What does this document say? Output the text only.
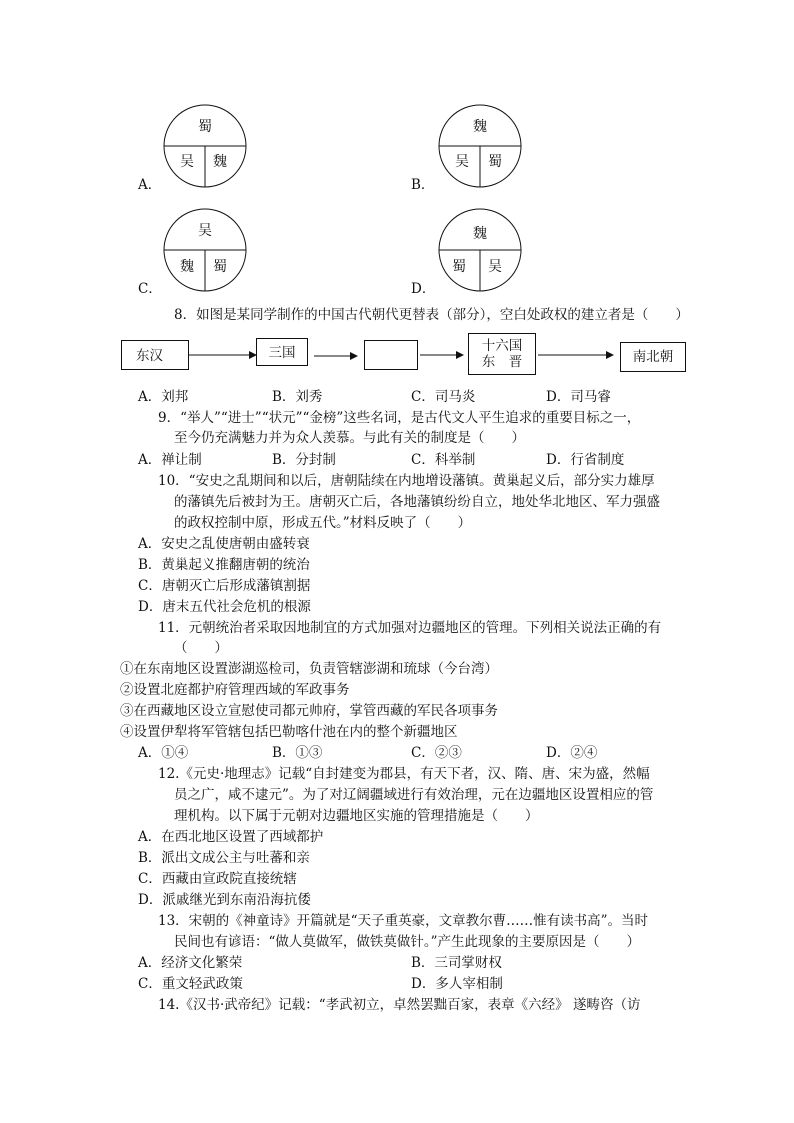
A．
蜀
吴 魏
B．
魏
吴 蜀
C．
吴
魏 蜀
D．
魏
蜀 吴
8．如图是某同学制作的中国古代朝代更替表（部分），空白处政权的建立者是（　　）
东汉	三国	十六国
东　晋	南北朝
A．刘邦	B．刘秀	C．司马炎	D．司马睿
9．“举人”“进士”“状元”“金榜”这些名词，是古代文人平生追求的重要目标之一，
至今仍充满魅力并为众人羡慕。与此有关的制度是（　　）
A．禅让制	B．分封制	C．科举制	D．行省制度
10．“安史之乱期间和以后，唐朝陆续在内地增设藩镇。黄巢起义后，部分实力雄厚
的藩镇先后被封为王。唐朝灭亡后，各地藩镇纷纷自立，地处华北地区、军力强盛
的政权控制中原，形成五代。”材料反映了（　　）
A．安史之乱使唐朝由盛转衰
B．黄巢起义推翻唐朝的统治
C．唐朝灭亡后形成藩镇割据
D．唐末五代社会危机的根源
11．元朝统治者采取因地制宜的方式加强对边疆地区的管理。下列相关说法正确的有
（　　）
①在东南地区设置澎湖巡检司，负责管辖澎湖和琉球（今台湾）
②设置北庭都护府管理西域的军政事务
③在西藏地区设立宣慰使司都元帅府，掌管西藏的军民各项事务
④设置伊犁将军管辖包括巴勒喀什池在内的整个新疆地区
A．①④	B．①③	C．②③	D．②④
12.《元史·地理志》记载“自封建变为郡县，有天下者，汉、隋、唐、宋为盛，然幅
员之广，咸不逮元”。为了对辽阔疆域进行有效治理，元在边疆地区设置相应的管
理机构。以下属于元朝对边疆地区实施的管理措施是（　　）
A．在西北地区设置了西域都护
B．派出文成公主与吐蕃和亲
C．西藏由宣政院直接统辖
D．派戚继光到东南沿海抗倭
13．宋朝的《神童诗》开篇就是“天子重英豪，文章教尔曹……惟有读书高”。当时
民间也有谚语：“做人莫做军，做铁莫做针。”产生此现象的主要原因是（　　）
A．经济文化繁荣	B．三司掌财权
C．重文轻武政策	D．多人宰相制
14.《汉书·武帝纪》记载：“孝武初立，卓然罢黜百家，表章《六经》 遂畴咨（访
